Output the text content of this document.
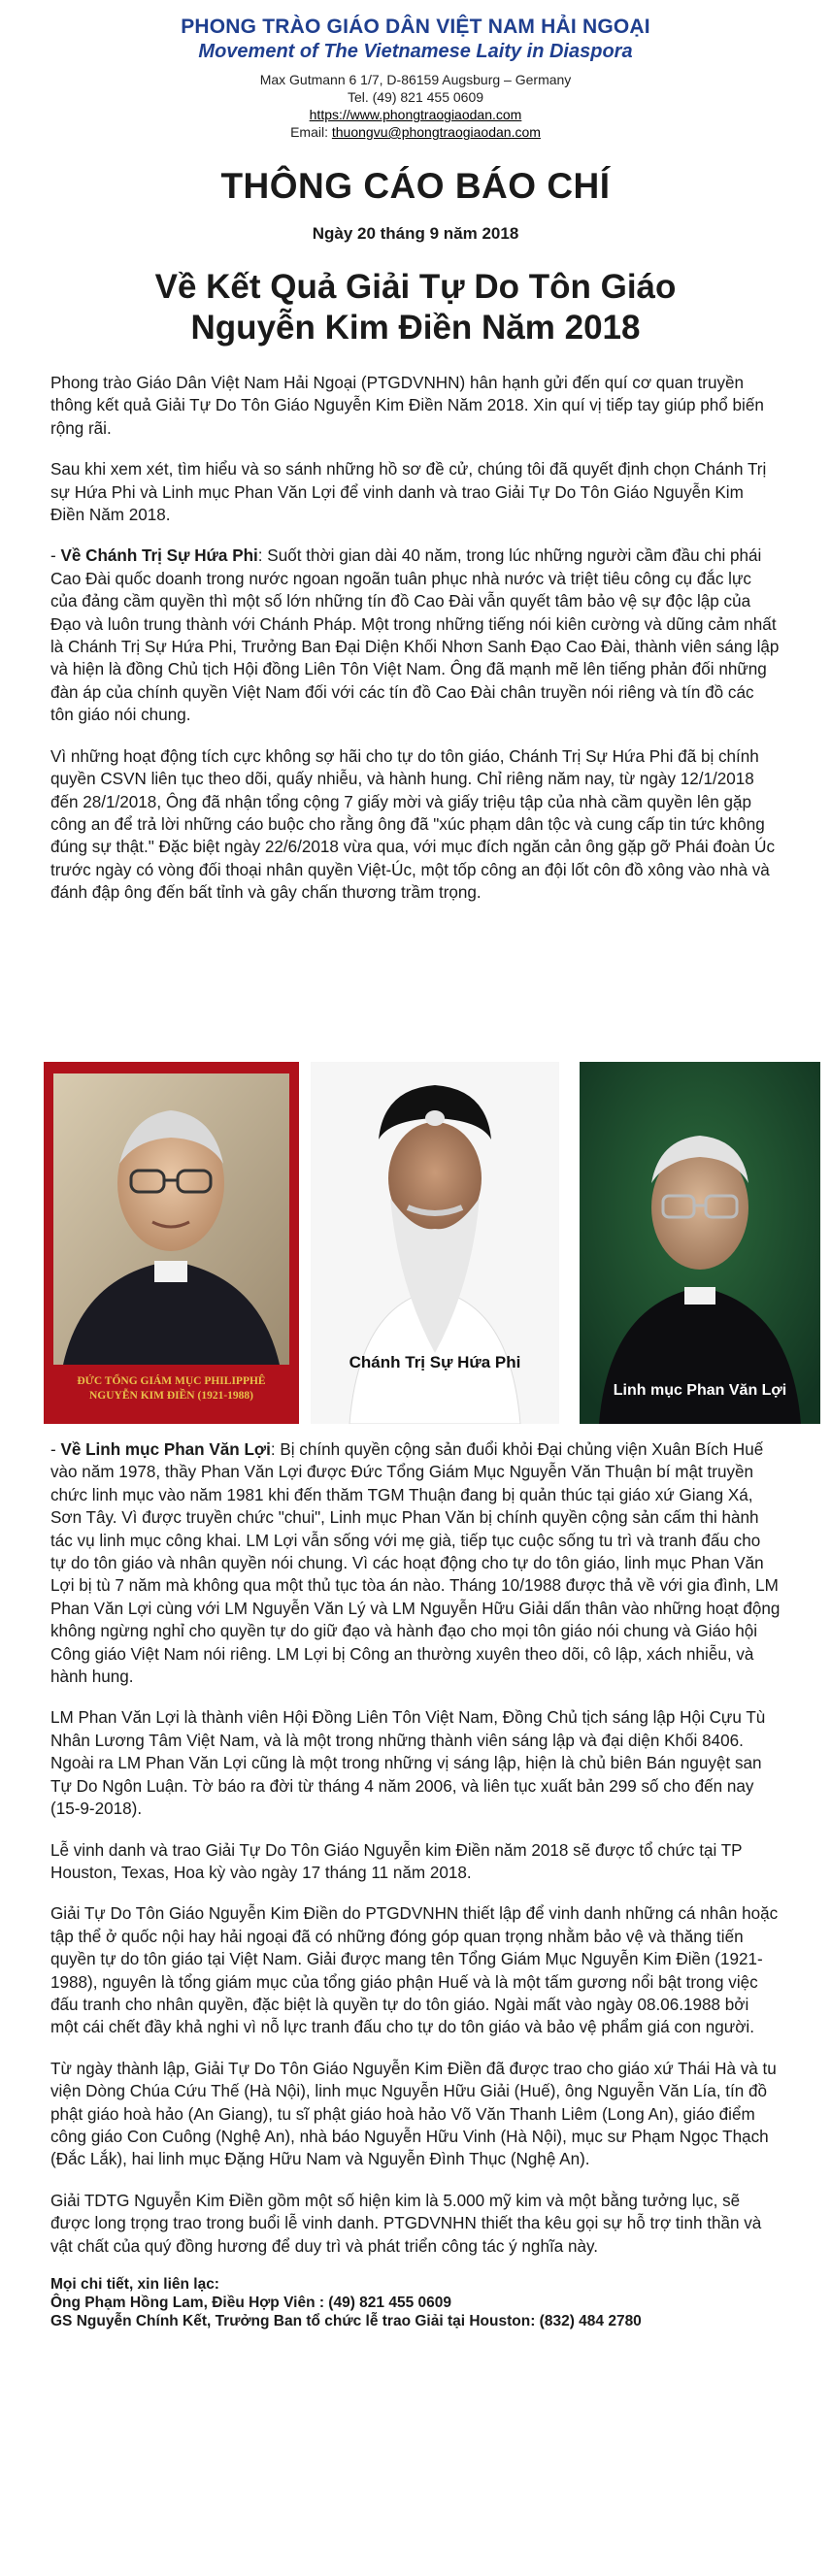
PHONG TRÀO GIÁO DÂN VIỆT NAM HẢI NGOẠI
Movement of The Vietnamese Laity in Diaspora
Max Gutmann 6 1/7, D-86159 Augsburg – Germany
Tel. (49) 821 455 0609
https://www.phongtraogiaodan.com
Email: thuongvu@phongtraogiaodan.com
THÔNG CÁO BÁO CHÍ
Ngày 20 tháng 9 năm 2018
Về Kết Quả Giải Tự Do Tôn Giáo
Nguyễn Kim Điền Năm 2018

Phong trào Giáo Dân Việt Nam Hải Ngoại (PTGDVNHN) hân hạnh gửi đến quí cơ quan truyền thông kết quả Giải Tự Do Tôn Giáo Nguyễn Kim Điền Năm 2018. Xin quí vị tiếp tay giúp phổ biến rộng rãi.

Sau khi xem xét, tìm hiểu và so sánh những hồ sơ đề cử, chúng tôi đã quyết định chọn Chánh Trị sự Hứa Phi và Linh mục Phan Văn Lợi để vinh danh và trao Giải Tự Do Tôn Giáo Nguyễn Kim Điền Năm 2018.

- Về Chánh Trị Sự Hứa Phi: Suốt thời gian dài 40 năm, trong lúc những người cầm đầu chi phái Cao Đài quốc doanh trong nước ngoan ngoãn tuân phục nhà nước và triệt tiêu công cụ đắc lực của đảng cầm quyền thì một số lớn những tín đồ Cao Đài vẫn quyết tâm bảo vệ sự độc lập của Đạo và luôn trung thành với Chánh Pháp. Một trong những tiếng nói kiên cường và dũng cảm nhất là Chánh Trị Sự Hứa Phi, Trưởng Ban Đại Diện Khối Nhơn Sanh Đạo Cao Đài, thành viên sáng lập và hiện là đồng Chủ tịch Hội đồng Liên Tôn Việt Nam. Ông đã mạnh mẽ lên tiếng phản đối những đàn áp của chính quyền Việt Nam đối với các tín đồ Cao Đài chân truyền nói riêng và tín đồ các tôn giáo nói chung.

Vì những hoạt động tích cực không sợ hãi cho tự do tôn giáo, Chánh Trị Sự Hứa Phi đã bị chính quyền CSVN liên tục theo dõi, quấy nhiễu, và hành hung. Chỉ riêng năm nay, từ ngày 12/1/2018 đến 28/1/2018, Ông đã nhận tổng cộng 7 giấy mời và giấy triệu tập của nhà cầm quyền lên gặp công an để trả lời những cáo buộc cho rằng ông đã "xúc phạm dân tộc và cung cấp tin tức không đúng sự thật." Đặc biệt ngày 22/6/2018 vừa qua, với mục đích ngăn cản ông gặp gỡ Phái đoàn Úc trước ngày có vòng đối thoại nhân quyền Việt-Úc, một tốp công an đội lốt côn đồ xông vào nhà và đánh đập ông đến bất tỉnh và gây chấn thương trầm trọng.

ĐỨC TỔNG GIÁM MỤC PHILIPPHÊ
NGUYỄN KIM ĐIỀN (1921-1988)
Chánh Trị Sự Hứa Phi
Linh mục Phan Văn Lợi

- Về Linh mục Phan Văn Lợi: Bị chính quyền cộng sản đuổi khỏi Đại chủng viện Xuân Bích Huế vào năm 1978, thầy Phan Văn Lợi được Đức Tổng Giám Mục Nguyễn Văn Thuận bí mật truyền chức linh mục vào năm 1981 khi đến thăm TGM Thuận đang bị quản thúc tại giáo xứ Giang Xá, Sơn Tây. Vì được truyền chức "chui", Linh mục Phan Văn bị chính quyền cộng sản cấm thi hành tác vụ linh mục công khai. LM Lợi vẫn sống với mẹ già, tiếp tục cuộc sống tu trì và tranh đấu cho tự do tôn giáo và nhân quyền nói chung. Vì các hoạt động cho tự do tôn giáo, linh mục Phan Văn Lợi bị tù 7 năm mà không qua một thủ tục tòa án nào. Tháng 10/1988 được thả về với gia đình, LM Phan Văn Lợi cùng với LM Nguyễn Văn Lý và LM Nguyễn Hữu Giải dấn thân vào những hoạt động không ngừng nghỉ cho quyền tự do giữ đạo và hành đạo cho mọi tôn giáo nói chung và Giáo hội Công giáo Việt Nam nói riêng. LM Lợi bị Công an thường xuyên theo dõi, cô lập, xách nhiễu, và hành hung.

LM Phan Văn Lợi là thành viên Hội Đồng Liên Tôn Việt Nam, Đồng Chủ tịch sáng lập Hội Cựu Tù Nhân Lương Tâm Việt Nam, và là một trong những thành viên sáng lập và đại diện Khối 8406. Ngoài ra LM Phan Văn Lợi cũng là một trong những vị sáng lập, hiện là chủ biên Bán nguyệt san Tự Do Ngôn Luận. Tờ báo ra đời từ tháng 4 năm 2006, và liên tục xuất bản 299 số cho đến nay (15-9-2018).

Lễ vinh danh và trao Giải Tự Do Tôn Giáo Nguyễn kim Điền năm 2018 sẽ được tổ chức tại TP Houston, Texas, Hoa kỳ vào ngày 17 tháng 11 năm 2018.

Giải Tự Do Tôn Giáo Nguyễn Kim Điền do PTGDVNHN thiết lập để vinh danh những cá nhân hoặc tập thể ở quốc nội hay hải ngoại đã có những đóng góp quan trọng nhằm bảo vệ và thăng tiến quyền tự do tôn giáo tại Việt Nam. Giải được mang tên Tổng Giám Mục Nguyễn Kim Điền (1921-1988), nguyên là tổng giám mục của tổng giáo phận Huế và là một tấm gương nổi bật trong việc đấu tranh cho nhân quyền, đặc biệt là quyền tự do tôn giáo. Ngài mất vào ngày 08.06.1988 bởi một cái chết đầy khả nghi vì nỗ lực tranh đấu cho tự do tôn giáo và bảo vệ phẩm giá con người.

Từ ngày thành lập, Giải Tự Do Tôn Giáo Nguyễn Kim Điền đã được trao cho giáo xứ Thái Hà và tu viện Dòng Chúa Cứu Thế (Hà Nội), linh mục Nguyễn Hữu Giải (Huế), ông Nguyễn Văn Lía, tín đồ phật giáo hoà hảo (An Giang), tu sĩ phật giáo hoà hảo Võ Văn Thanh Liêm (Long An), giáo điểm công giáo Con Cuông (Nghệ An), nhà báo Nguyễn Hữu Vinh (Hà Nội), mục sư Phạm Ngọc Thạch (Đắc Lắk), hai linh mục Đặng Hữu Nam và Nguyễn Đình Thục (Nghệ An).

Giải TDTG Nguyễn Kim Điền gồm một số hiện kim là 5.000 mỹ kim và một bằng tưởng lục, sẽ được long trọng trao trong buổi lễ vinh danh. PTGDVNHN thiết tha kêu gọi sự hỗ trợ tinh thần và vật chất của quý đồng hương để duy trì và phát triển công tác ý nghĩa này.

Mọi chi tiết, xin liên lạc:
Ông Phạm Hồng Lam, Điều Hợp Viên : (49) 821 455 0609
GS Nguyễn Chính Kết, Trưởng Ban tổ chức lễ trao Giải tại Houston: (832) 484 2780
